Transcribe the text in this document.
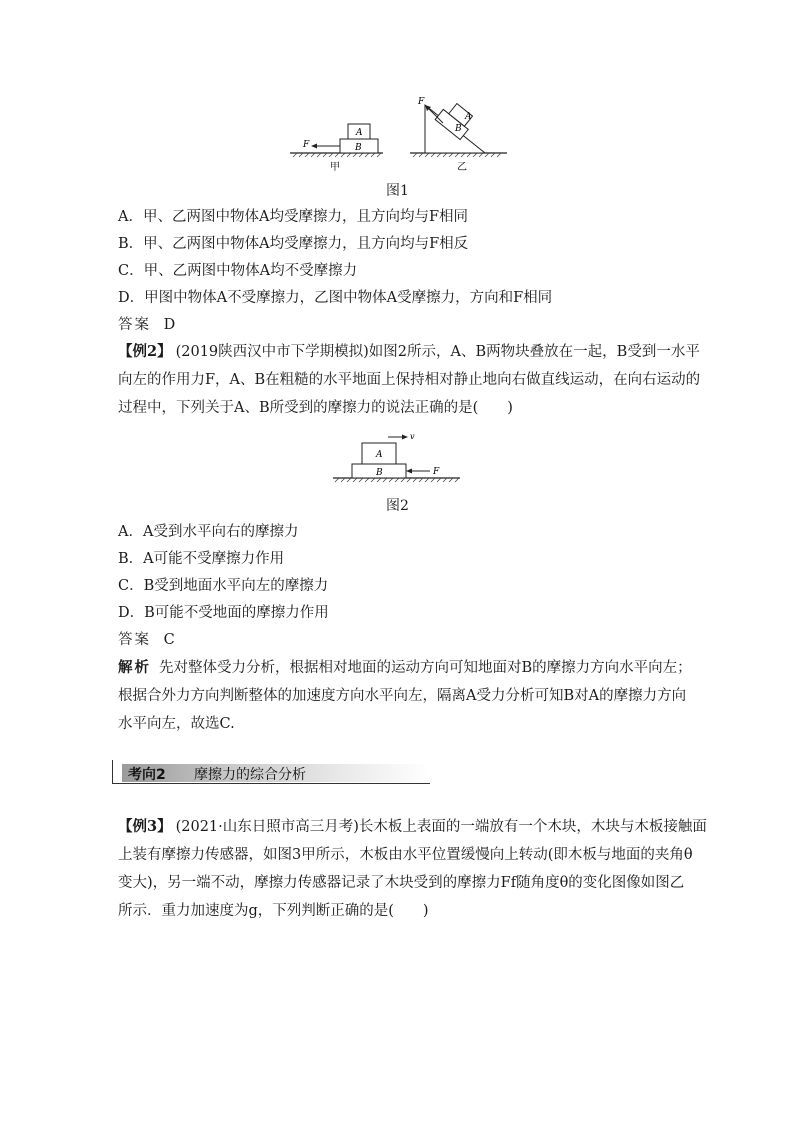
B
A
F
甲
B
A
F
乙
图1
A．甲、乙两图中物体A均受摩擦力，且方向均与F相同
B．甲、乙两图中物体A均受摩擦力，且方向均与F相反
C．甲、乙两图中物体A均不受摩擦力
D．甲图中物体A不受摩擦力，乙图中物体A受摩擦力，方向和F相同
答案 D
【例2】 (2019陕西汉中市下学期模拟)如图2所示，A、B两物块叠放在一起，B受到一水平
向左的作用力F，A、B在粗糙的水平地面上保持相对静止地向右做直线运动，在向右运动的
过程中，下列关于A、B所受到的摩擦力的说法正确的是(　　)
B
A
F
v
图2
A．A受到水平向右的摩擦力
B．A可能不受摩擦力作用
C．B受到地面水平向左的摩擦力
D．B可能不受地面的摩擦力作用
答案 C
解析 先对整体受力分析，根据相对地面的运动方向可知地面对B的摩擦力方向水平向左；
根据合外力方向判断整体的加速度方向水平向左，隔离A受力分析可知B对A的摩擦力方向
水平向左，故选C.
考向2 摩擦力的综合分析
【例3】 (2021·山东日照市高三月考)长木板上表面的一端放有一个木块，木块与木板接触面
上装有摩擦力传感器，如图3甲所示，木板由水平位置缓慢向上转动(即木板与地面的夹角θ
变大)，另一端不动，摩擦力传感器记录了木块受到的摩擦力Ff随角度θ的变化图像如图乙
所示．重力加速度为g，下列判断正确的是(　　)
